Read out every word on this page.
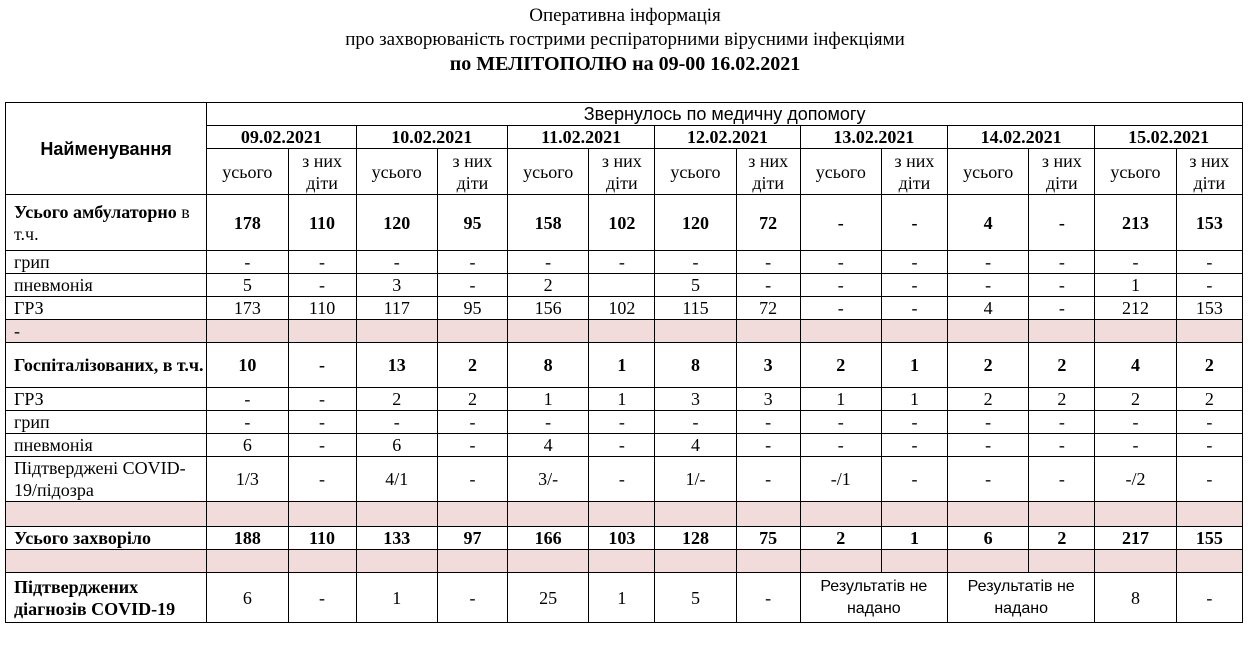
Оперативна інформація
про захворюваність гострими респіраторними вірусними інфекціями
по МЕЛІТОПОЛЮ на 09-00 16.02.2021
Найменування	Звернулось по медичну допомогу													
	09.02.2021		10.02.2021		11.02.2021		12.02.2021		13.02.2021		14.02.2021		15.02.2021	
	усього	з них діти	усього	з них діти	усього	з них діти	усього	з них діти	усього	з них діти	усього	з них діти	усього	з них діти
Усього амбулаторно в т.ч.	178	110	120	95	158	102	120	72	-	-	4	-	213	153
грип	-	-	-	-	-	-	-	-	-	-	-	-	-	-
пневмонія	5	-	3	-	2		5	-	-	-	-	-	1	-
ГРЗ	173	110	117	95	156	102	115	72	-	-	4	-	212	153
-														
Госпіталізованих, в т.ч.	10	-	13	2	8	1	8	3	2	1	2	2	4	2
ГРЗ	-	-	2	2	1	1	3	3	1	1	2	2	2	2
грип	-	-	-	-	-	-	-	-	-	-	-	-	-	-
пневмонія	6	-	6	-	4	-	4	-	-	-	-	-	-	-
Підтверджені COVID-19/підозра	1/3	-	4/1	-	3/-	-	1/-	-	-/1	-	-	-	-/2	-

Усього захворіло	188	110	133	97	166	103	128	75	2	1	6	2	217	155

Підтверджених діагнозів COVID-19	6	-	1	-	25	1	5	-	Результатів не надано		Результатів не надано		8	-
